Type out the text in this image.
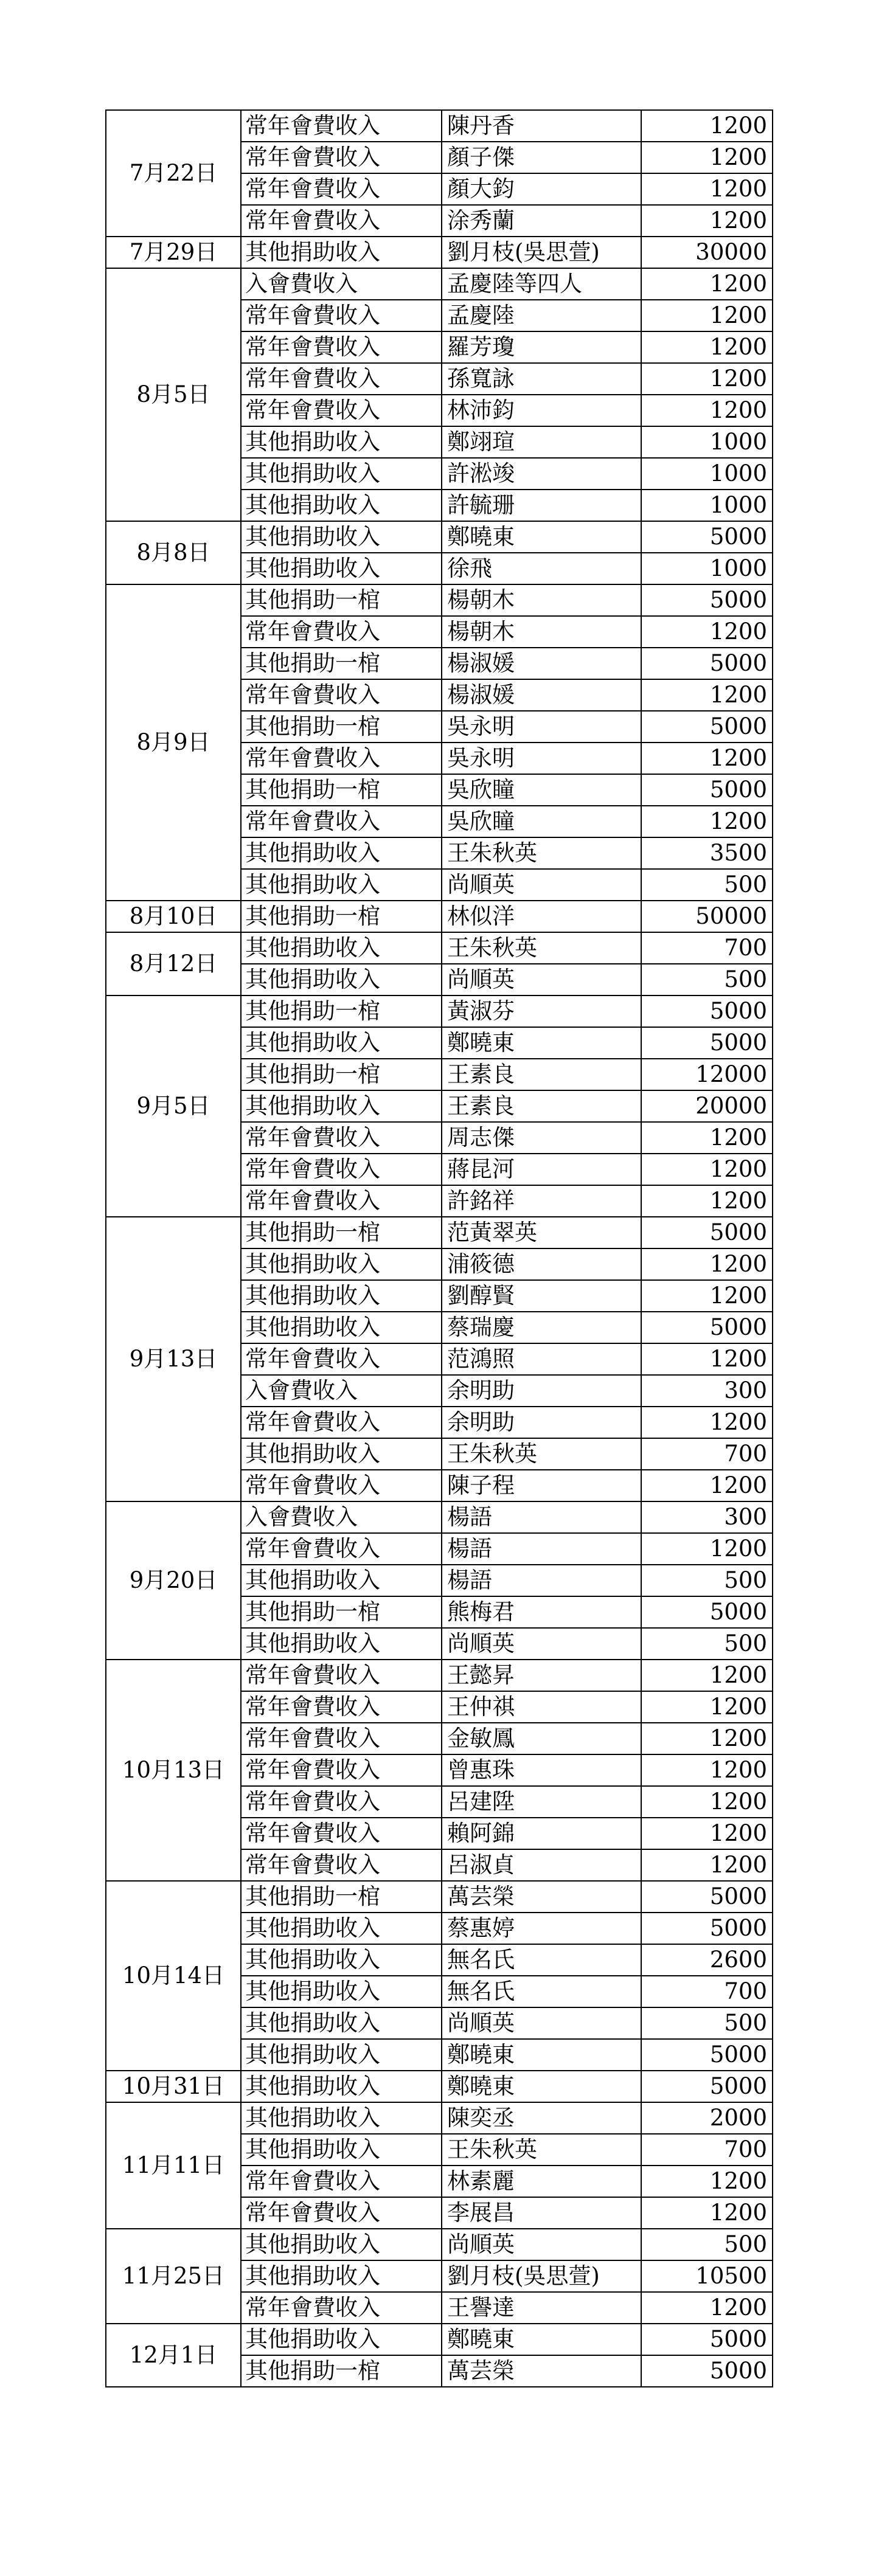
7月22日	常年會費收入	陳丹香	1200
	常年會費收入	顏子傑	1200
	常年會費收入	顏大鈞	1200
	常年會費收入	涂秀蘭	1200
7月29日	其他捐助收入	劉月枝(吳思萱)	30000
8月5日	入會費收入	孟慶陸等四人	1200
	常年會費收入	孟慶陸	1200
	常年會費收入	羅芳瓊	1200
	常年會費收入	孫寬詠	1200
	常年會費收入	林沛鈞	1200
	其他捐助收入	鄭翊瑄	1000
	其他捐助收入	許淞竣	1000
	其他捐助收入	許毓珊	1000
8月8日	其他捐助收入	鄭曉東	5000
	其他捐助收入	徐飛	1000
8月9日	其他捐助一棺	楊朝木	5000
	常年會費收入	楊朝木	1200
	其他捐助一棺	楊淑媛	5000
	常年會費收入	楊淑媛	1200
	其他捐助一棺	吳永明	5000
	常年會費收入	吳永明	1200
	其他捐助一棺	吳欣瞳	5000
	常年會費收入	吳欣瞳	1200
	其他捐助收入	王朱秋英	3500
	其他捐助收入	尚順英	500
8月10日	其他捐助一棺	林似洋	50000
8月12日	其他捐助收入	王朱秋英	700
	其他捐助收入	尚順英	500
9月5日	其他捐助一棺	黃淑芬	5000
	其他捐助收入	鄭曉東	5000
	其他捐助一棺	王素良	12000
	其他捐助收入	王素良	20000
	常年會費收入	周志傑	1200
	常年會費收入	蔣昆河	1200
	常年會費收入	許銘祥	1200
9月13日	其他捐助一棺	范黃翠英	5000
	其他捐助收入	浦筱德	1200
	其他捐助收入	劉醇賢	1200
	其他捐助收入	蔡瑞慶	5000
	常年會費收入	范鴻照	1200
	入會費收入	余明助	300
	常年會費收入	余明助	1200
	其他捐助收入	王朱秋英	700
	常年會費收入	陳子程	1200
9月20日	入會費收入	楊語	300
	常年會費收入	楊語	1200
	其他捐助收入	楊語	500
	其他捐助一棺	熊梅君	5000
	其他捐助收入	尚順英	500
10月13日	常年會費收入	王懿昇	1200
	常年會費收入	王仲祺	1200
	常年會費收入	金敏鳳	1200
	常年會費收入	曾惠珠	1200
	常年會費收入	呂建陞	1200
	常年會費收入	賴阿錦	1200
	常年會費收入	呂淑貞	1200
10月14日	其他捐助一棺	萬芸榮	5000
	其他捐助收入	蔡惠婷	5000
	其他捐助收入	無名氏	2600
	其他捐助收入	無名氏	700
	其他捐助收入	尚順英	500
	其他捐助收入	鄭曉東	5000
10月31日	其他捐助收入	鄭曉東	5000
11月11日	其他捐助收入	陳奕丞	2000
	其他捐助收入	王朱秋英	700
	常年會費收入	林素麗	1200
	常年會費收入	李展昌	1200
11月25日	其他捐助收入	尚順英	500
	其他捐助收入	劉月枝(吳思萱)	10500
	常年會費收入	王譽達	1200
12月1日	其他捐助收入	鄭曉東	5000
	其他捐助一棺	萬芸榮	5000
